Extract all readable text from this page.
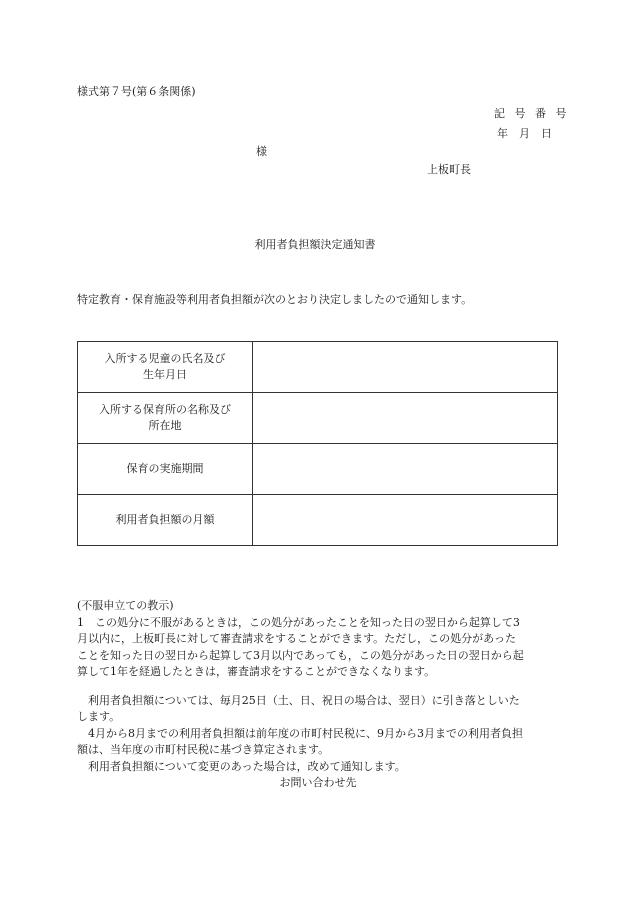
様式第７号(第６条関係)
記 号 番 号
年　月　日
様
上板町長
利用者負担額決定通知書
特定教育・保育施設等利用者負担額が次のとおり決定しましたので通知します。
入所する児童の氏名及び
生年月日	

入所する保育所の名称及び
所在地	

保育の実施期間	

利用者負担額の月額	

(不服申立ての教示)

1　この処分に不服があるときは，この処分があったことを知った日の翌日から起算して3

月以内に，上板町長に対して審査請求をすることができます。ただし，この処分があった

ことを知った日の翌日から起算して3月以内であっても，この処分があった日の翌日から起

算して1年を経過したときは，審査請求をすることができなくなります。

利用者負担額については、毎月25日（土、日、祝日の場合は、翌日）に引き落としいた

します。

4月から8月までの利用者負担額は前年度の市町村民税に、9月から3月までの利用者負担

額は、当年度の市町村民税に基づき算定されます。

利用者負担額について変更のあった場合は，改めて通知します。

お問い合わせ先
